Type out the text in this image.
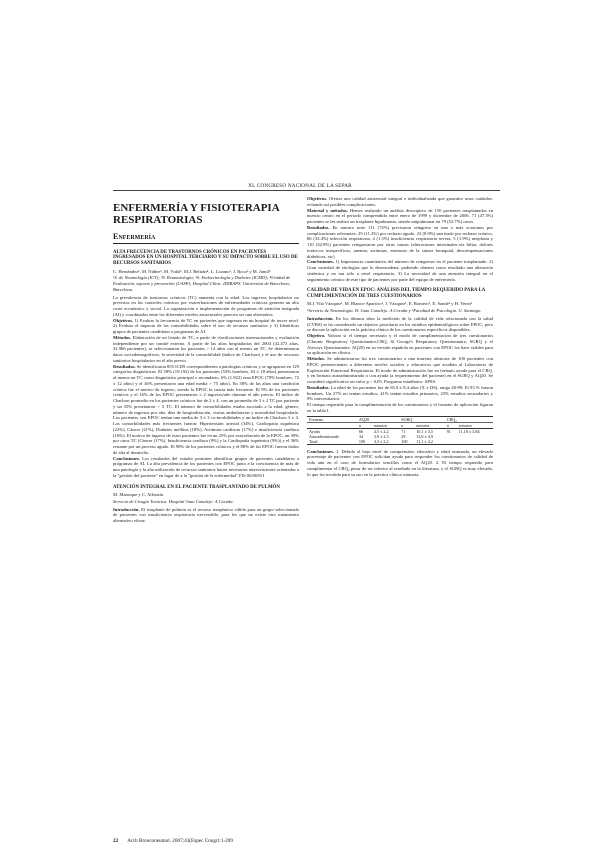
XL CONGRESO NACIONAL DE LA SEPAR
ENFERMERÍA Y FISIOTERAPIA RESPIRATORIAS
Enfermería
ALTA FRECUENCIA DE TRASTORNOS CRÓNICOS EN PACIENTES INGRESADOS EN UN HOSPITAL TERCIARIO Y SU IMPACTO SOBRE EL USO DE RECURSOS SANITARIOS
C. Hernández¹, M. Núñez², M. Vidal³, M.J. Beltrán⁴, L. Lozano¹, J. Roca¹ y M. Jamil⁵
¹S. de Neumología (ICT); ²S. Reumatología; ³S. Endocrinología y Diabetes (ICMD); ⁴Unidad de Evaluación, soporte y prevención (UASP); Hospital Clínic. IDIBAPS. Universitat de Barcelona, Barcelona.

La prevalencia de trastornos crónicos (TC) aumenta con la edad. Los ingresos hospitalarios no previstos en los controles crónicos por exacerbaciones de enfermedades crónicas generan un alto coste económico y social. La organización e implementación de programas de atención integrada (AI) y coordinados entre los diferentes niveles asistenciales parecen ser una alternativa.

Objetivos. 1) Evaluar la frecuencia de TC en pacientes que ingresan en un hospital de tercer nivel. 2) Evaluar el impacto de las comorbilidades sobre el uso de recursos sanitarios y 3) Identificar grupos de pacientes candidatos a programas de AI.

Métodos. Elaboración de un listado de TC, a partir de clasificaciones internacionales y evaluación independiente por un comité externo. A partir de las altas hospitalarias del 2004 (42.473 altas, 32.966 pacientes), se seleccionaron los pacientes > 14 años con al menos un TC. Se determinaron datos sociodemográficos, la severidad de la comorbilidad (índice de Charlson) y el uso de recursos sanitarios hospitalarios en el año previo.

Resultados. Se identificaron 855 ICD9 correspondientes a patologías crónicas y se agruparon en 129 categorías diagnósticas. El 58% (19.192) de los pacientes (53% hombres, 63 ± 18 años) presentaron al menos un TC como diagnóstico principal o secundario, 6% (1.922) eran EPOC (79% hombres, 72 ± 12 años) y el 46% presentaron una edad media > 75 años). En 38% de las altas una condición crónica fue el motivo de ingreso, siendo la EPOC la cuarta más frecuente. El 9% de los pacientes crónicos y el 16% de los EPOC presentaron ≥ 2 ingresos/año durante el año previo. El índice de Charlson promedio en los pacientes crónicos fue de 2 ± 4, con un promedio de 3 ± 2 TC por paciente y un 35% presentaron > 3 TC. El número de comorbilidades estaba asociado a la edad, género, número de ingresos por año, días de hospitalización, visitas ambulatorias y mortalidad hospitalaria. Los pacientes con EPOC tenían una media de 3 ± 3 co-morbilidades y un índice de Charlson 3 ± 4. Las comorbilidades más frecuentes fueron: Hipertensión arterial (34%), Cardiopatía isquémica (22%), Cáncer (21%), Diabetes mellitus (18%), Arritmias cardíacas (17%) e insuficiencia cardíaca (16%). El motivo de ingreso de estos pacientes fue en un 25% por exacerbación de la EPOC, un 39% por otros TC (Cáncer (17%), Insuficiencia cardíaca (9%) y la Cardiopatía isquémica (9%)) y el 36% restante por un proceso agudo. El 90% de los pacientes crónicos y el 88% de los EPOC fueron dados de alta al domicilio.

Conclusiones. Los resultados del estudio permiten identificar grupos de pacientes candidatos a programas de AI. La alta prevalencia de los pacientes con EPOC junto a la coexistencia de más de una patología y la alta utilización de recursos sanitarios hacen necesarias intervenciones orientadas a la "gestión del paciente" en lugar de a la "gestión de la enfermedad".FIS 06/0659 I

ATENCIÓN INTEGRAL EN EL PACIENTE TRASPLANTADO DE PULMÓN
M. Manrique y C. Alfonsín
Servicio de Cirugía Torácica. Hospital Juan Canalejo. A Coruña.

Introducción. El trasplante de pulmón es el recurso terapéutico válido para un grupo seleccionado de pacientes con insuficiencia respiratoria irreversible, para los que no existe otro tratamiento alternativo eficaz.

Objetivos. Ofertar una calidad asistencial integral e individualizada que garantice unos cuidados, evitando así posibles complicaciones.

Material y métodos. Hemos realizado un análisis descriptivo de 150 pacientes trasplantados en nuestro centro en el periodo comprendido entre enero de 1999 y diciembre de 2006. 71 (47.3%) pacientes se les realizó un trasplante bipulmonar, siendo unipulmonar en 79 (52.7%) casos.

Resultados. En nuestra serie 111 (74%) precisaron reingreso en una o más ocasiones por complicaciones relevantes: 29 (11.2%) por rechazo agudo, 23 (8.9%) motivado por rechazo crónico, 86 (33.4%) infección respiratoria, 4 (1.5%) insuficiencia respiratoria severa, 5 (1.9%) neoplasia y 110 (42.8%) pacientes reingresaron por otras causas (alteraciones intestinales-vía biliar, dolores torácicos inespecíficos, anemia, arritmias, estenosis de la sutura bronquial, descompensaciones diabéticas, etc)

Conclusiones. 1) Importancia cuantitativa del número de reingresos en el paciente trasplantado. 2) Gran variedad de etiologías que lo desencadena, pudiendo obtener como resultado una alteración sistémica y no tan sólo a nivel respiratorio. 3) La necesidad de una atención integral en el seguimiento crónico de este tipo de pacientes por parte del equipo de enfermería.

CALIDAD DE VIDA EN EPOC: ANÁLISIS DEL TIEMPO REQUERIDO PARA LA CUMPLIMENTACIÓN DE TRES CUESTIONARIOS
M.J. Vila Vázquez¹, M. Blanco-Aparicio¹, I. Vázquez¹, E. Romero¹, E. Sande¹ y H. Verea¹
¹Servicio de Neumología. H. Juan Canalejo. A Coruña y ²Facultad de Psicología. U. Santiago.

Introducción. En los últimos años la medición de la calidad de vida relacionada con la salud (CVRS) se ha considerado un objetivo prioritario en los estudios epidemiológicos sobre EPOC, pero se discute la aplicación en la práctica clínica de los cuestionarios específicos disponibles.

Objetivo. Valorar si el tiempo necesario y el modo de cumplimentación de tres cuestionarios (Chronic Respiratory Questionnaire,CRQ, St George's Respiratory Questionnaire, SGRQ y el Airways Questionnaire, AQ20) en su versión española en pacientes con EPOC los hace viables para su aplicación en clínica.

Métodos. Se administraron los tres cuestionarios a una muestra aleatoria de 100 pacientes con EPOC pertenecientes a diferentes niveles sociales y educativos que acudían al Laboratorio de Exploración Funcional Respiratoria. El modo de administración fue en formato ayuda para el CRQ, y en formato autoadministrado o con ayuda (a requerimiento del paciente) en el SGRQ y AQ20. Se consideró significativo un valor p < 0,05. Programa estadístico: SPSS.

Resultados. La edad de los pacientes fue de 65,9 ± 8,4 años (X ± DS), rango 40-89; El 93 % fueron hombres. Un 27% no tenían estudios, 41% tenían estudios primarios, 23% estudios secundarios y 9% universitarios.

El tiempo requerido para la cumplimentación de los cuestionarios y el formato de aplicación figuran en la tabla I.

Formato	AQ20		SGRQ		CRQ₂	
	n	minutos	n	minutos	n	minutos
Ayuda	66	4,5 ± 2,2	71	10,1 ± 3,5	91	11,18 ± 3,84
Autoadministrado	34	3,9 ± 2,3	29	13,6 ± 4,9		
Total	100	4,3 ± 2,2	100	11,1 ± 4,2		

Conclusiones. 1. Debido al bajo nivel de comprensión, educativo y edad avanzada, un elevado porcentaje de pacientes con EPOC solicitan ayuda para responder los cuestionarios de calidad de vida aún en el caso de formularios sencillos como el AQ20. 2. El tiempo requerido para cumplimentar el CRQ₂ pesar de ser inferior al reseñado en la literatura, y el SGRQ es muy elevado, lo que los invalida para su uso en la práctica clínica rutinaria.

22 Arch Bronconeumol. 2007;43(Espec Congr):1-209
